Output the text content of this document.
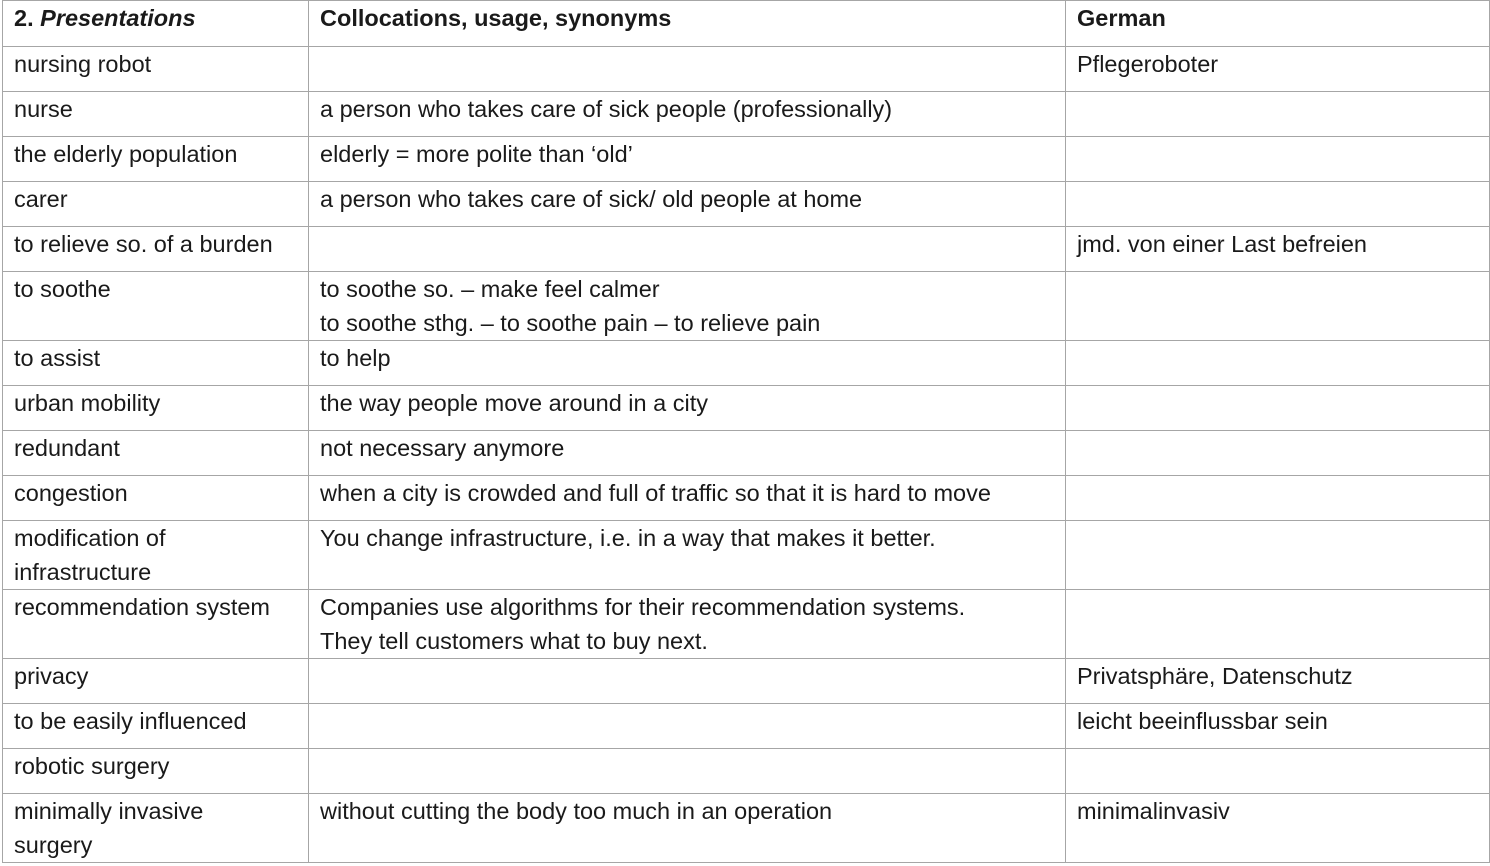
2. Presentations	Collocations, usage, synonyms	German

nursing robot		Pflegeroboter

nurse	a person who takes care of sick people (professionally)	

the elderly population	elderly = more polite than ‘old’	

carer	a person who takes care of sick/ old people at home	

to relieve so. of a burden		jmd. von einer Last befreien

to soothe	to soothe so. – make feel calmer
to soothe sthg. – to soothe pain – to relieve pain	

to assist	to help	

urban mobility	the way people move around in a city	

redundant	not necessary anymore	

congestion	when a city is crowded and full of traffic so that it is hard to move	

modification of
infrastructure	You change infrastructure, i.e. in a way that makes it better.	

recommendation system	Companies use algorithms for their recommendation systems.
They tell customers what to buy next.	

privacy		Privatsphäre, Datenschutz

to be easily influenced		leicht beeinflussbar sein

robotic surgery		

minimally invasive
surgery	without cutting the body too much in an operation	minimalinvasiv
